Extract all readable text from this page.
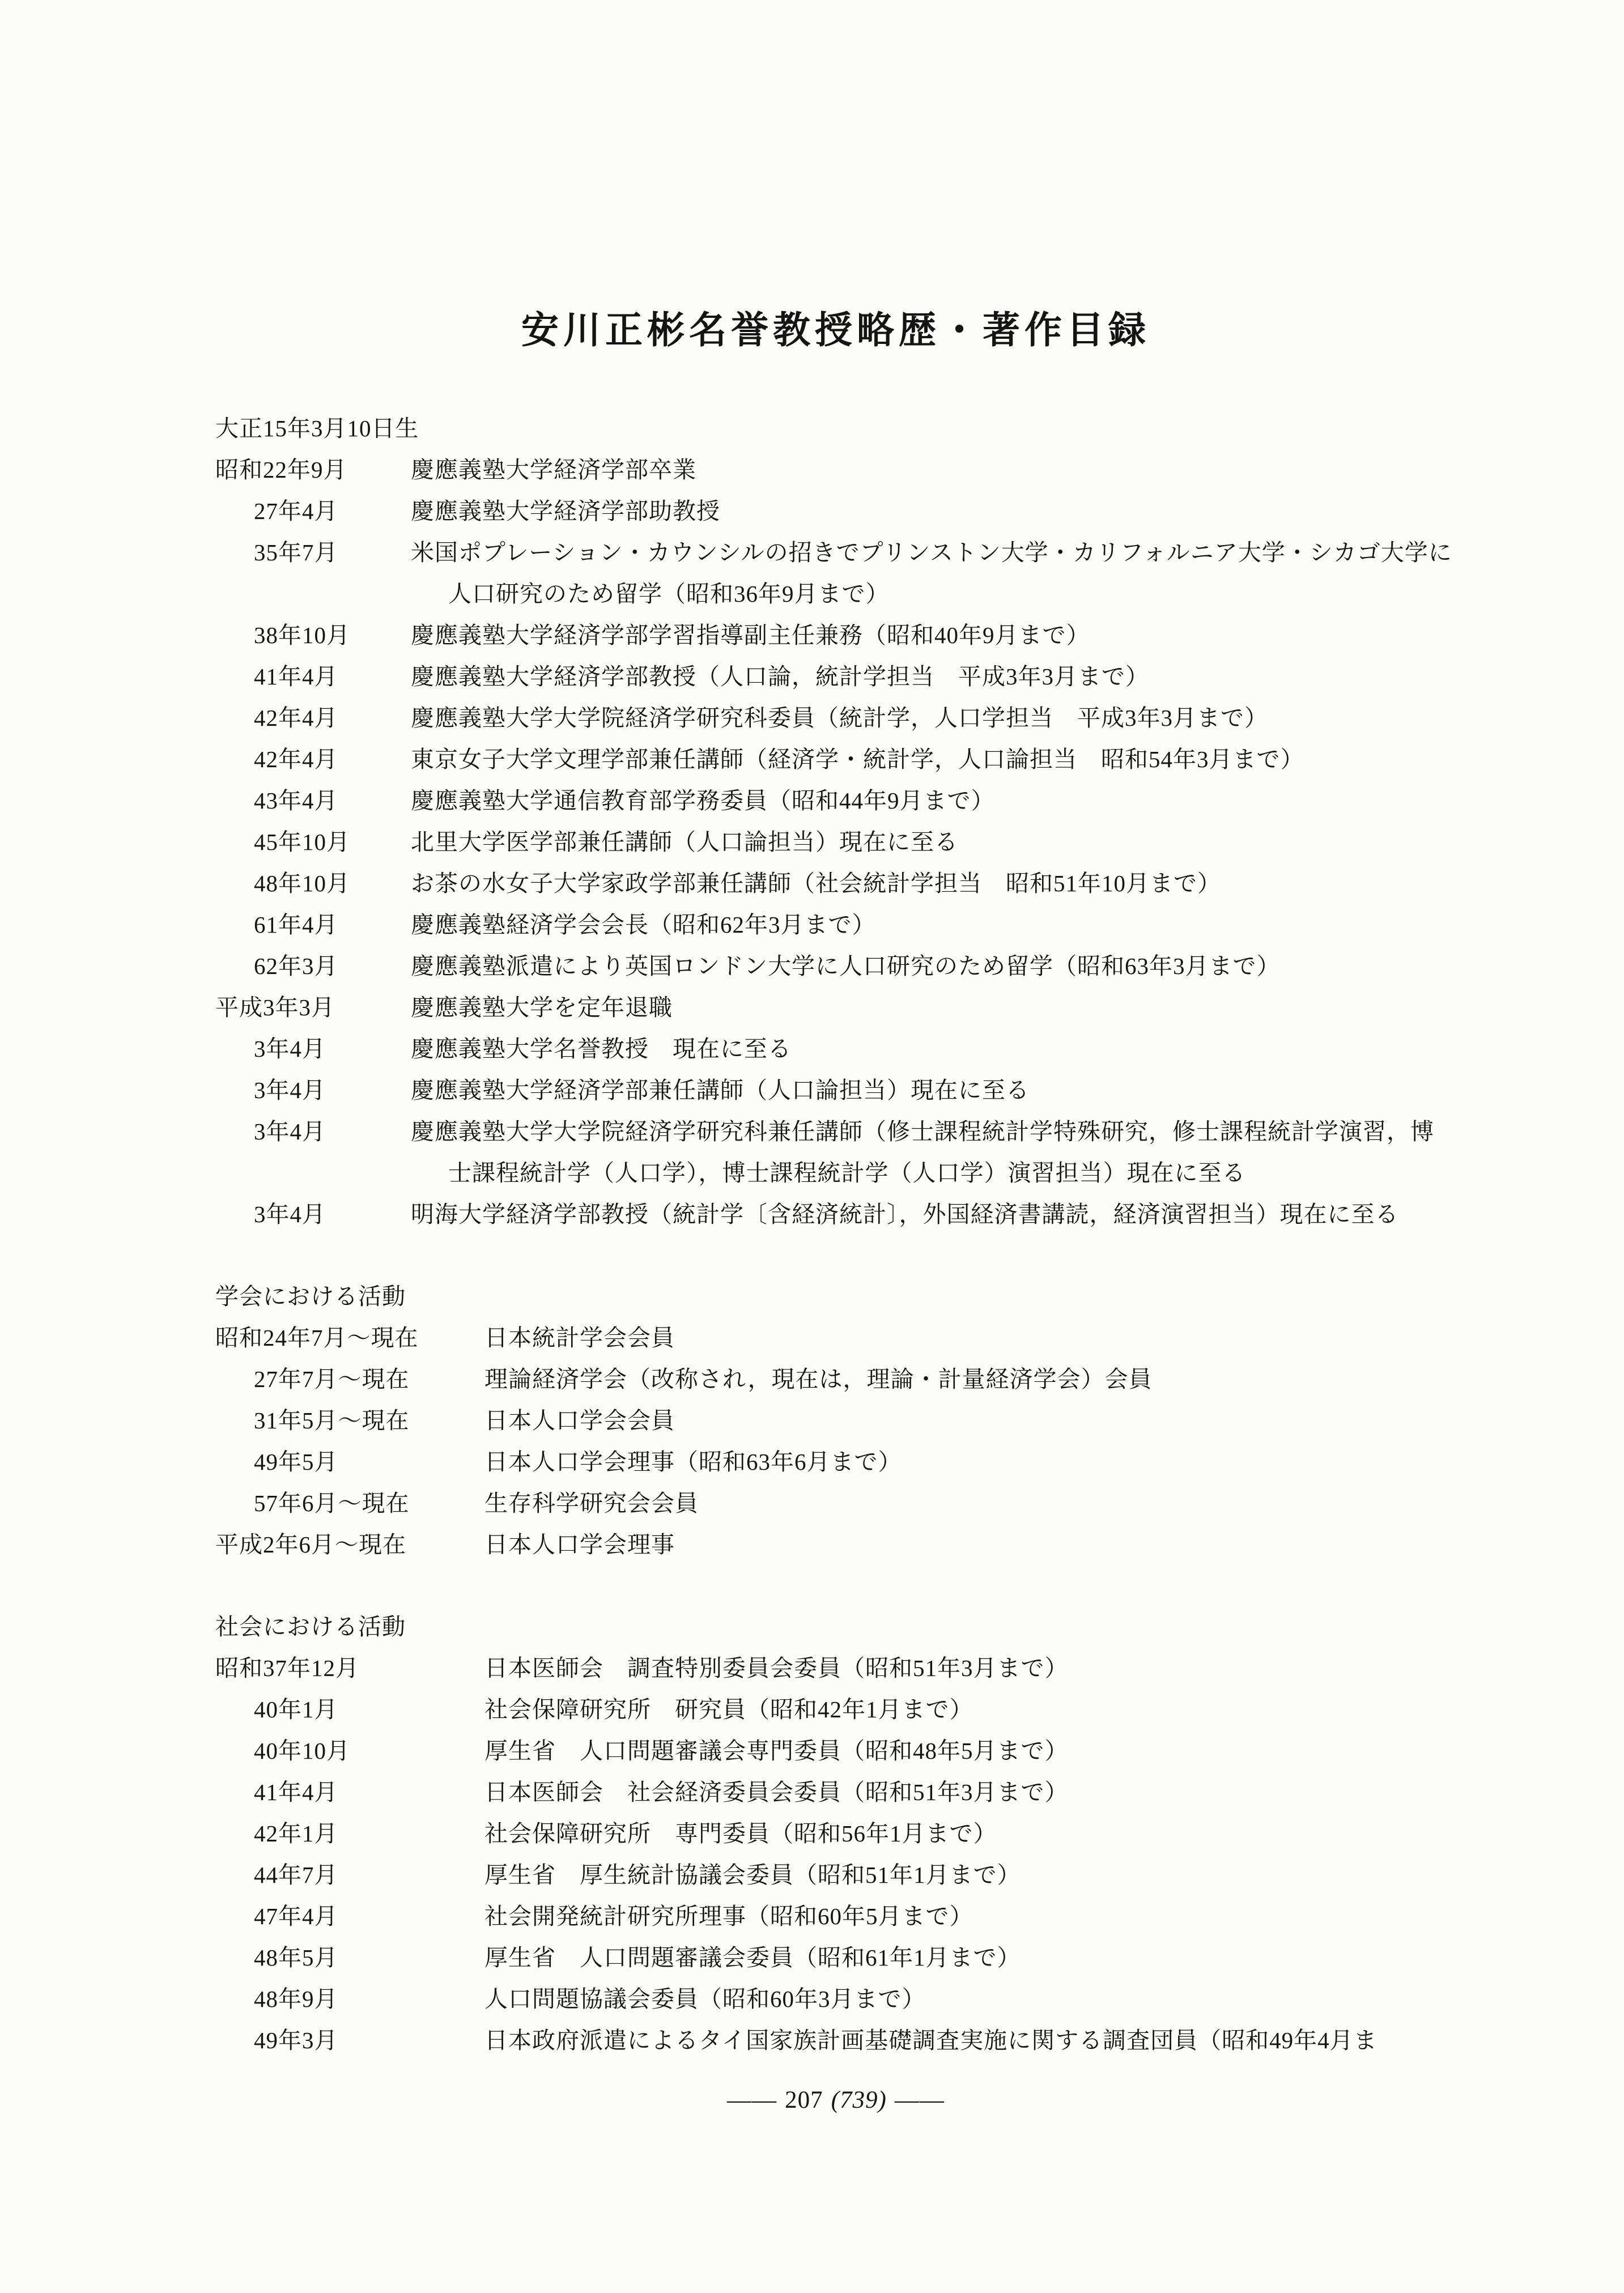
安川正彬名誉教授略歴・著作目録
大正15年3月10日生
昭和22年9月	慶應義塾大学経済学部卒業
27年4月	慶應義塾大学経済学部助教授
35年7月	米国ポプレーション・カウンシルの招きでプリンストン大学・カリフォルニア大学・シカゴ大学に人口研究のため留学（昭和36年9月まで）
38年10月	慶應義塾大学経済学部学習指導副主任兼務（昭和40年9月まで）
41年4月	慶應義塾大学経済学部教授（人口論，統計学担当　平成3年3月まで）
42年4月	慶應義塾大学大学院経済学研究科委員（統計学，人口学担当　平成3年3月まで）
42年4月	東京女子大学文理学部兼任講師（経済学・統計学，人口論担当　昭和54年3月まで）
43年4月	慶應義塾大学通信教育部学務委員（昭和44年9月まで）
45年10月	北里大学医学部兼任講師（人口論担当）現在に至る
48年10月	お茶の水女子大学家政学部兼任講師（社会統計学担当　昭和51年10月まで）
61年4月	慶應義塾経済学会会長（昭和62年3月まで）
62年3月	慶應義塾派遣により英国ロンドン大学に人口研究のため留学（昭和63年3月まで）
平成3年3月	慶應義塾大学を定年退職
3年4月	慶應義塾大学名誉教授　現在に至る
3年4月	慶應義塾大学経済学部兼任講師（人口論担当）現在に至る
3年4月	慶應義塾大学大学院経済学研究科兼任講師（修士課程統計学特殊研究，修士課程統計学演習，博士課程統計学（人口学），博士課程統計学（人口学）演習担当）現在に至る
3年4月	明海大学経済学部教授（統計学〔含経済統計〕，外国経済書講読，経済演習担当）現在に至る
学会における活動
昭和24年7月～現在	日本統計学会会員
27年7月～現在	理論経済学会（改称され，現在は，理論・計量経済学会）会員
31年5月～現在	日本人口学会会員
49年5月	日本人口学会理事（昭和63年6月まで）
57年6月～現在	生存科学研究会会員
平成2年6月～現在	日本人口学会理事
社会における活動
昭和37年12月	日本医師会　調査特別委員会委員（昭和51年3月まで）
40年1月	社会保障研究所　研究員（昭和42年1月まで）
40年10月	厚生省　人口問題審議会専門委員（昭和48年5月まで）
41年4月	日本医師会　社会経済委員会委員（昭和51年3月まで）
42年1月	社会保障研究所　専門委員（昭和56年1月まで）
44年7月	厚生省　厚生統計協議会委員（昭和51年1月まで）
47年4月	社会開発統計研究所理事（昭和60年5月まで）
48年5月	厚生省　人口問題審議会委員（昭和61年1月まで）
48年9月	人口問題協議会委員（昭和60年3月まで）
49年3月	日本政府派遣によるタイ国家族計画基礎調査実施に関する調査団員（昭和49年4月ま
―― 207 (739) ――
